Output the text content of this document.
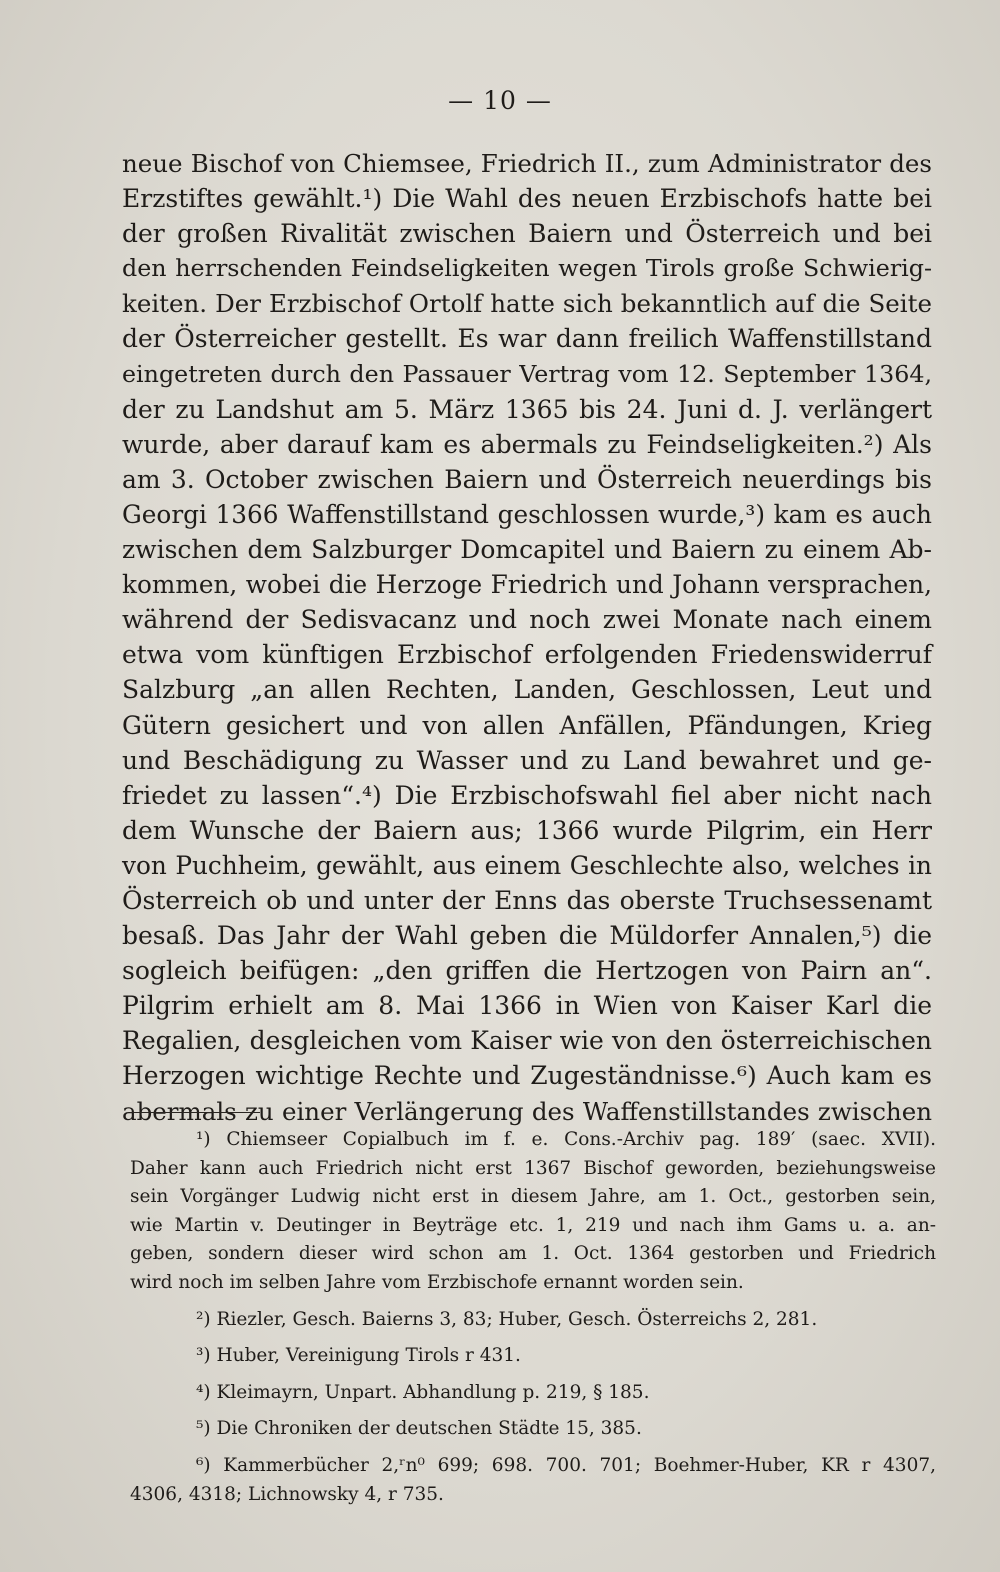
— 10 —
neue Bischof von Chiemsee, Friedrich II., zum Administrator des
Erzstiftes gewählt.¹) Die Wahl des neuen Erzbischofs hatte bei
der großen Rivalität zwischen Baiern und Österreich und bei
den herrschenden Feindseligkeiten wegen Tirols große Schwierig-
keiten. Der Erzbischof Ortolf hatte sich bekanntlich auf die Seite
der Österreicher gestellt. Es war dann freilich Waffenstillstand
eingetreten durch den Passauer Vertrag vom 12. September 1364,
der zu Landshut am 5. März 1365 bis 24. Juni d. J. verlängert
wurde, aber darauf kam es abermals zu Feindseligkeiten.²) Als
am 3. October zwischen Baiern und Österreich neuerdings bis
Georgi 1366 Waffenstillstand geschlossen wurde,³) kam es auch
zwischen dem Salzburger Domcapitel und Baiern zu einem Ab-
kommen, wobei die Herzoge Friedrich und Johann versprachen,
während der Sedisvacanz und noch zwei Monate nach einem
etwa vom künftigen Erzbischof erfolgenden Friedenswiderruf
Salzburg „an allen Rechten, Landen, Geschlossen, Leut und
Gütern gesichert und von allen Anfällen, Pfändungen, Krieg
und Beschädigung zu Wasser und zu Land bewahret und ge-
friedet zu lassen“.⁴) Die Erzbischofswahl fiel aber nicht nach
dem Wunsche der Baiern aus; 1366 wurde Pilgrim, ein Herr
von Puchheim, gewählt, aus einem Geschlechte also, welches in
Österreich ob und unter der Enns das oberste Truchsessenamt
besaß. Das Jahr der Wahl geben die Müldorfer Annalen,⁵) die
sogleich beifügen: „den griffen die Hertzogen von Pairn an“.
Pilgrim erhielt am 8. Mai 1366 in Wien von Kaiser Karl die
Regalien, desgleichen vom Kaiser wie von den österreichischen
Herzogen wichtige Rechte und Zugeständnisse.⁶) Auch kam es
abermals zu einer Verlängerung des Waffenstillstandes zwischen
¹) Chiemseer Copialbuch im f. e. Cons.-Archiv pag. 189′ (saec. XVII).
Daher kann auch Friedrich nicht erst 1367 Bischof geworden, beziehungsweise
sein Vorgänger Ludwig nicht erst in diesem Jahre, am 1. Oct., gestorben sein,
wie Martin v. Deutinger in Beyträge etc. 1, 219 und nach ihm Gams u. a. an-
geben, sondern dieser wird schon am 1. Oct. 1364 gestorben und Friedrich
wird noch im selben Jahre vom Erzbischofe ernannt worden sein.
²) Riezler, Gesch. Baierns 3, 83; Huber, Gesch. Österreichs 2, 281.
³) Huber, Vereinigung Tirols r 431.
⁴) Kleimayrn, Unpart. Abhandlung p. 219, § 185.
⁵) Die Chroniken der deutschen Städte 15, 385.
⁶) Kammerbücher 2,ʳn⁰ 699; 698. 700. 701; Boehmer-Huber, KR r 4307,
4306, 4318; Lichnowsky 4, r 735.
